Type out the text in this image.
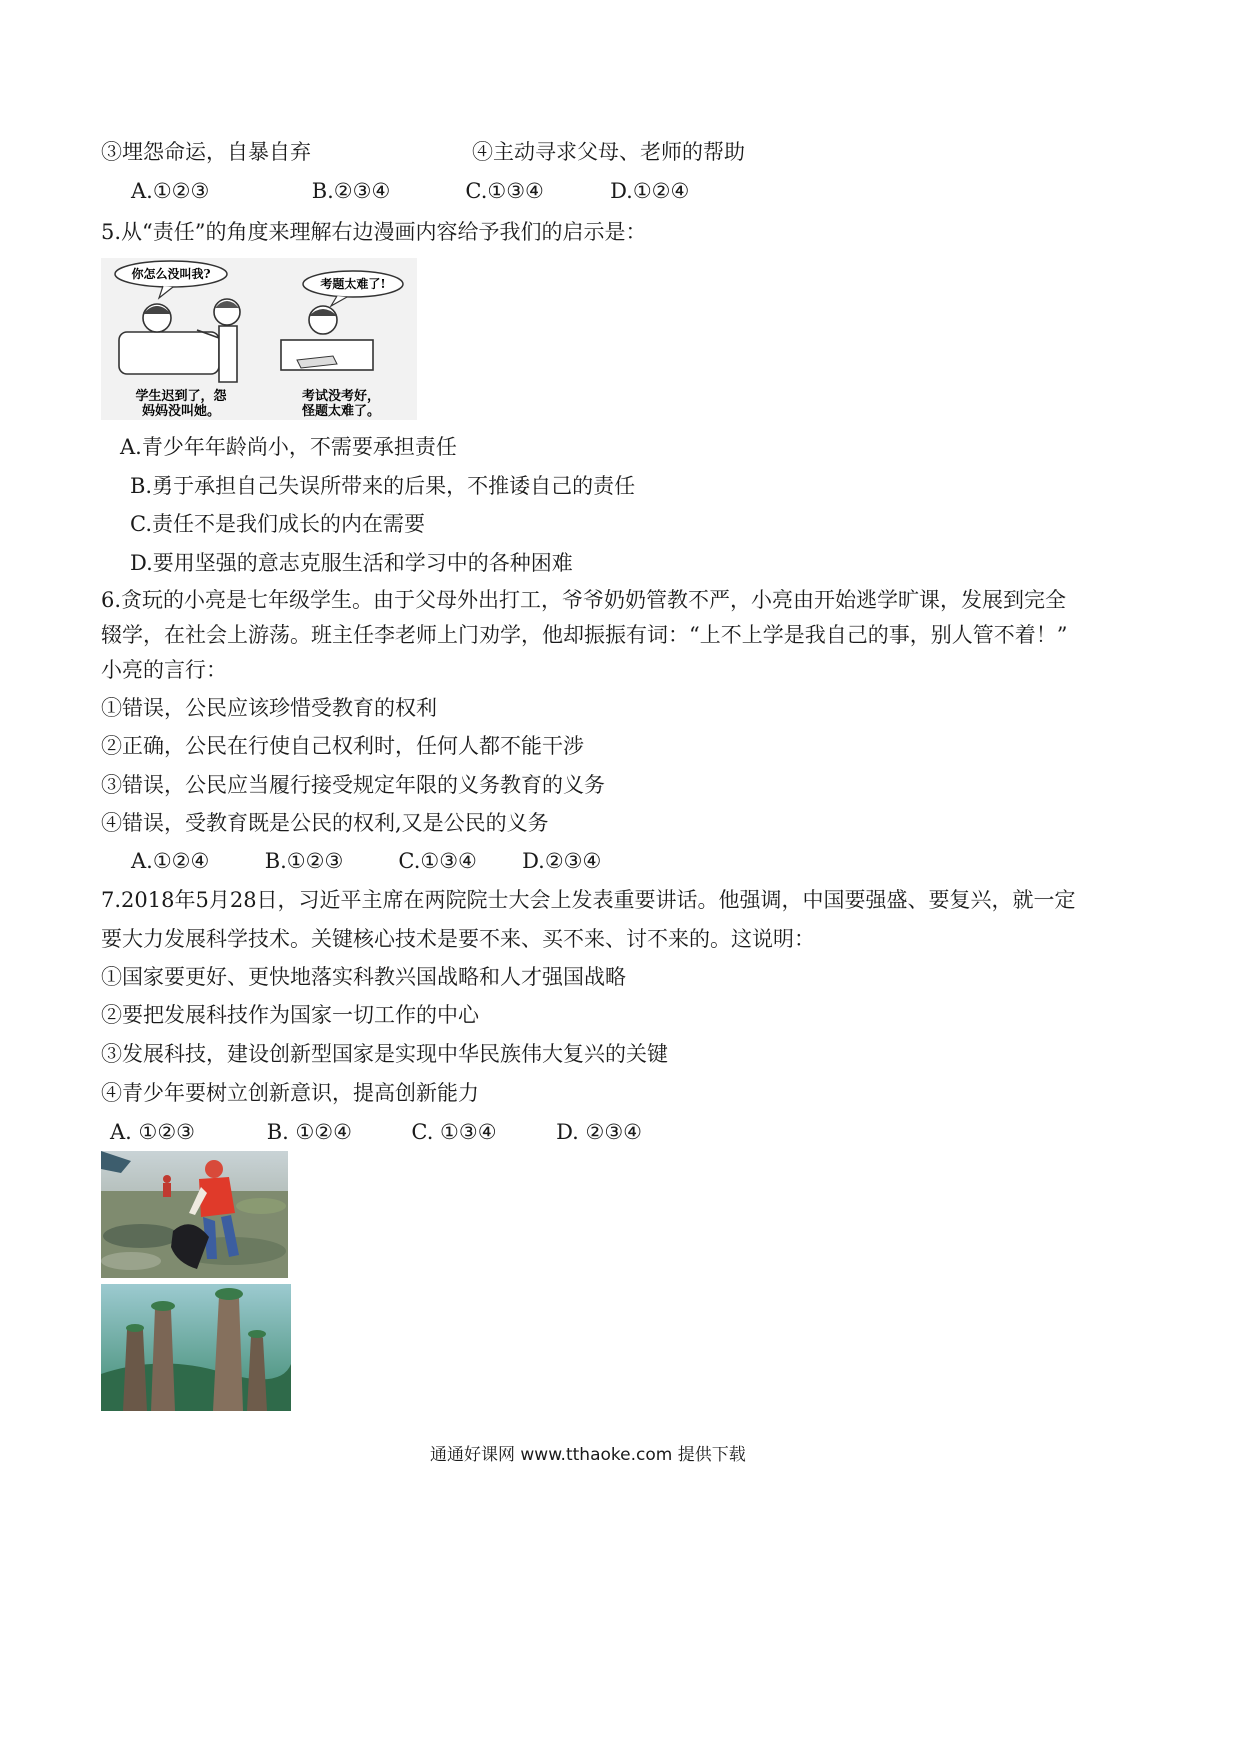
③埋怨命运，自暴自弃	④主动寻求父母、老师的帮助
A.①②③	B.②③④	C.①③④	D.①②④
5.从“责任”的角度来理解右边漫画内容给予我们的启示是：
你怎么没叫我?
考题太难了!
学生迟到了，怨
妈妈没叫她。
考试没考好，
怪题太难了。
A.青少年年龄尚小，不需要承担责任
B.勇于承担自己失误所带来的后果，不推诿自己的责任
C.责任不是我们成长的内在需要
D.要用坚强的意志克服生活和学习中的各种困难
6.贪玩的小亮是七年级学生。由于父母外出打工，爷爷奶奶管教不严，小亮由开始逃学旷课，发展到完全
辍学，在社会上游荡。班主任李老师上门劝学，他却振振有词：“上不上学是我自己的事，别人管不着！”
小亮的言行：
①错误，公民应该珍惜受教育的权利
②正确，公民在行使自己权利时，任何人都不能干涉
③错误，公民应当履行接受规定年限的义务教育的义务
④错误，受教育既是公民的权利,又是公民的义务
A.①②④	B.①②③	C.①③④ D.②③④
7.2018年5月28日，习近平主席在两院院士大会上发表重要讲话。他强调，中国要强盛、要复兴，就一定
要大力发展科学技术。关键核心技术是要不来、买不来、讨不来的。这说明：
①国家要更好、更快地落实科教兴国战略和人才强国战略
②要把发展科技作为国家一切工作的中心
③发展科技，建设创新型国家是实现中华民族伟大复兴的关键
④青少年要树立创新意识，提高创新能力
A. ①②③	B. ①②④	C. ①③④	D. ②③④
通通好课网 www.tthaoke.com 提供下载
